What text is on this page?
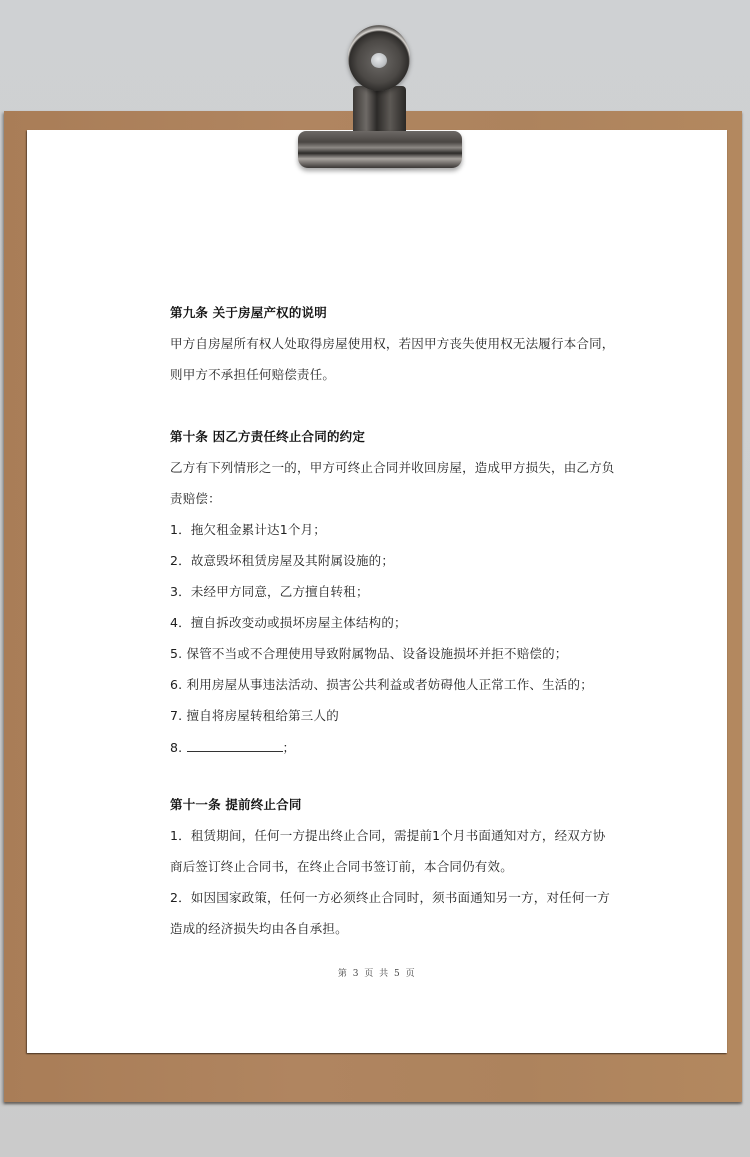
第九条 关于房屋产权的说明
甲方自房屋所有权人处取得房屋使用权，若因甲方丧失使用权无法履行本合同，
则甲方不承担任何赔偿责任。
第十条 因乙方责任终止合同的约定
乙方有下列情形之一的，甲方可终止合同并收回房屋，造成甲方损失，由乙方负
责赔偿：
1．拖欠租金累计达1个月；
2．故意毁坏租赁房屋及其附属设施的；
3．未经甲方同意，乙方擅自转租；
4．擅自拆改变动或损坏房屋主体结构的；
5. 保管不当或不合理使用导致附属物品、设备设施损坏并拒不赔偿的；
6. 利用房屋从事违法活动、损害公共利益或者妨碍他人正常工作、生活的；
7. 擅自将房屋转租给第三人的
8.	；
第十一条 提前终止合同
1．租赁期间，任何一方提出终止合同，需提前1个月书面通知对方，经双方协
商后签订终止合同书，在终止合同书签订前，本合同仍有效。
2．如因国家政策，任何一方必须终止合同时，须书面通知另一方，对任何一方
造成的经济损失均由各自承担。
第 3 页 共 5 页
